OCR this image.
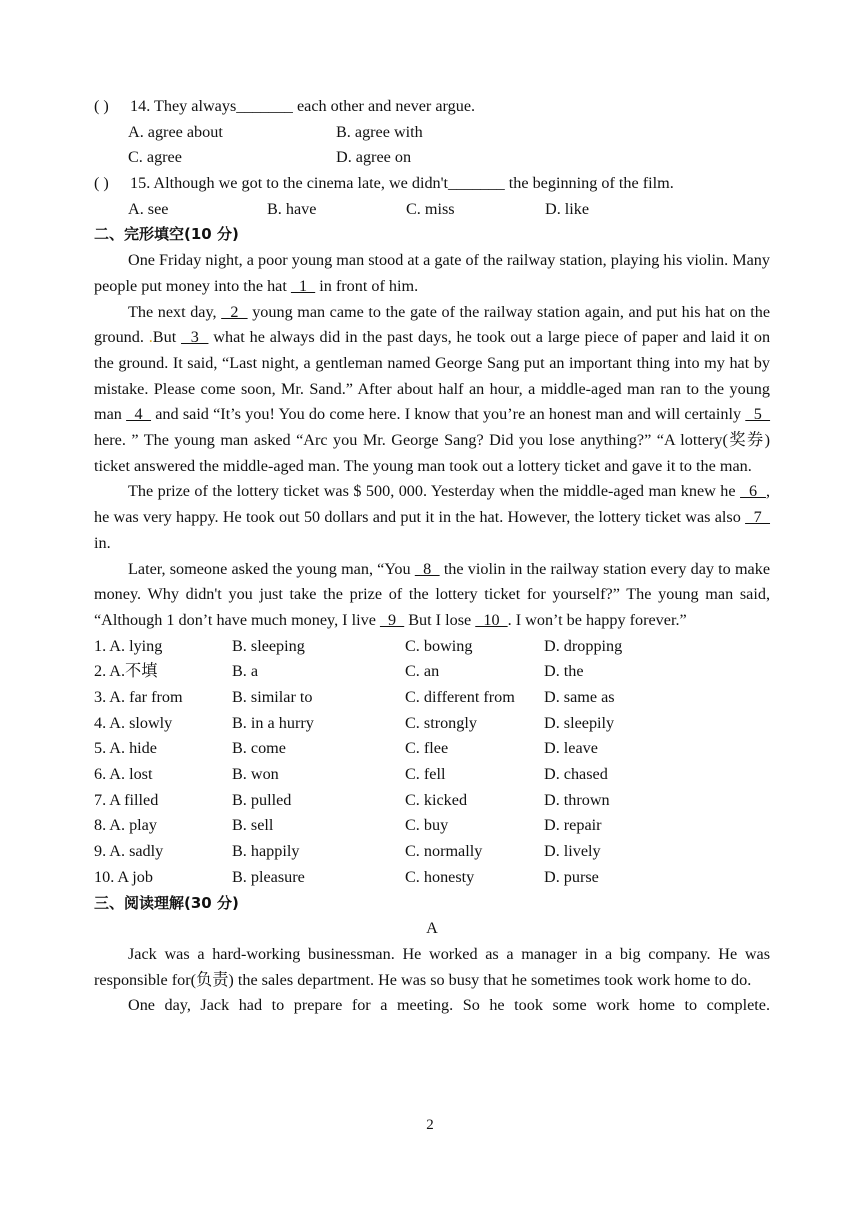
( )	14. They always_______ each other and never argue.
A. agree about	B. agree with
C. agree	D. agree on
( )	15. Although we got to the cinema late, we didn't_______ the beginning of the film.
A. see	B. have	C. miss	D. like
二、完形填空(10 分)

One Friday night, a poor young man stood at a gate of the railway station, playing his violin. Many people put money into the hat   1   in front of him.

The next day,   2   young man came to the gate of the railway station again, and put his hat on the ground. .But   3   what he always did in the past days, he took out a large piece of paper and laid it on the ground. It said, “Last night, a gentleman named George Sang put an important thing into my hat by mistake. Please come soon, Mr. Sand.” After about half an hour, a middle-aged man ran to the young man   4   and said “It’s you! You do come here. I know that you’re an honest man and will certainly   5   here. ” The young man asked “Arc you Mr. George Sang? Did you lose anything?” “A lottery(奖券) ticket answered the middle-aged man. The young man took out a lottery ticket and gave it to the man.

The prize of the lottery ticket was $ 500, 000. Yesterday when the middle-aged man knew he   6  , he was very happy. He took out 50 dollars and put it in the hat. However, the lottery ticket was also   7   in.

Later, someone asked the young man, “You   8   the violin in the railway station every day to make money. Why didn't you just take the prize of the lottery ticket for yourself?” The young man said, “Although 1 don’t have much money, I live   9   But I lose   10  . I won’t be happy forever.”

1. A. lying	B. sleeping	C. bowing	D. dropping
2. A.不填	B. a	C. an	D. the
3. A. far from	B. similar to	C. different from	D. same as
4. A. slowly	B. in a hurry	C. strongly	D. sleepily
5. A. hide	B. come	C. flee	D. leave
6. A. lost	B. won	C. fell	D. chased
7. A filled	B. pulled	C. kicked	D. thrown
8. A. play	B. sell	C. buy	D. repair
9. A. sadly	B. happily	C. normally	D. lively
10. A job	B. pleasure	C. honesty	D. purse
三、阅读理解(30 分)
A

Jack was a hard-working businessman. He worked as a manager in a big company. He was responsible for(负责) the sales department. He was so busy that he sometimes took work home to do.

One day, Jack had to prepare for a meeting. So he took some work home to complete.

2
